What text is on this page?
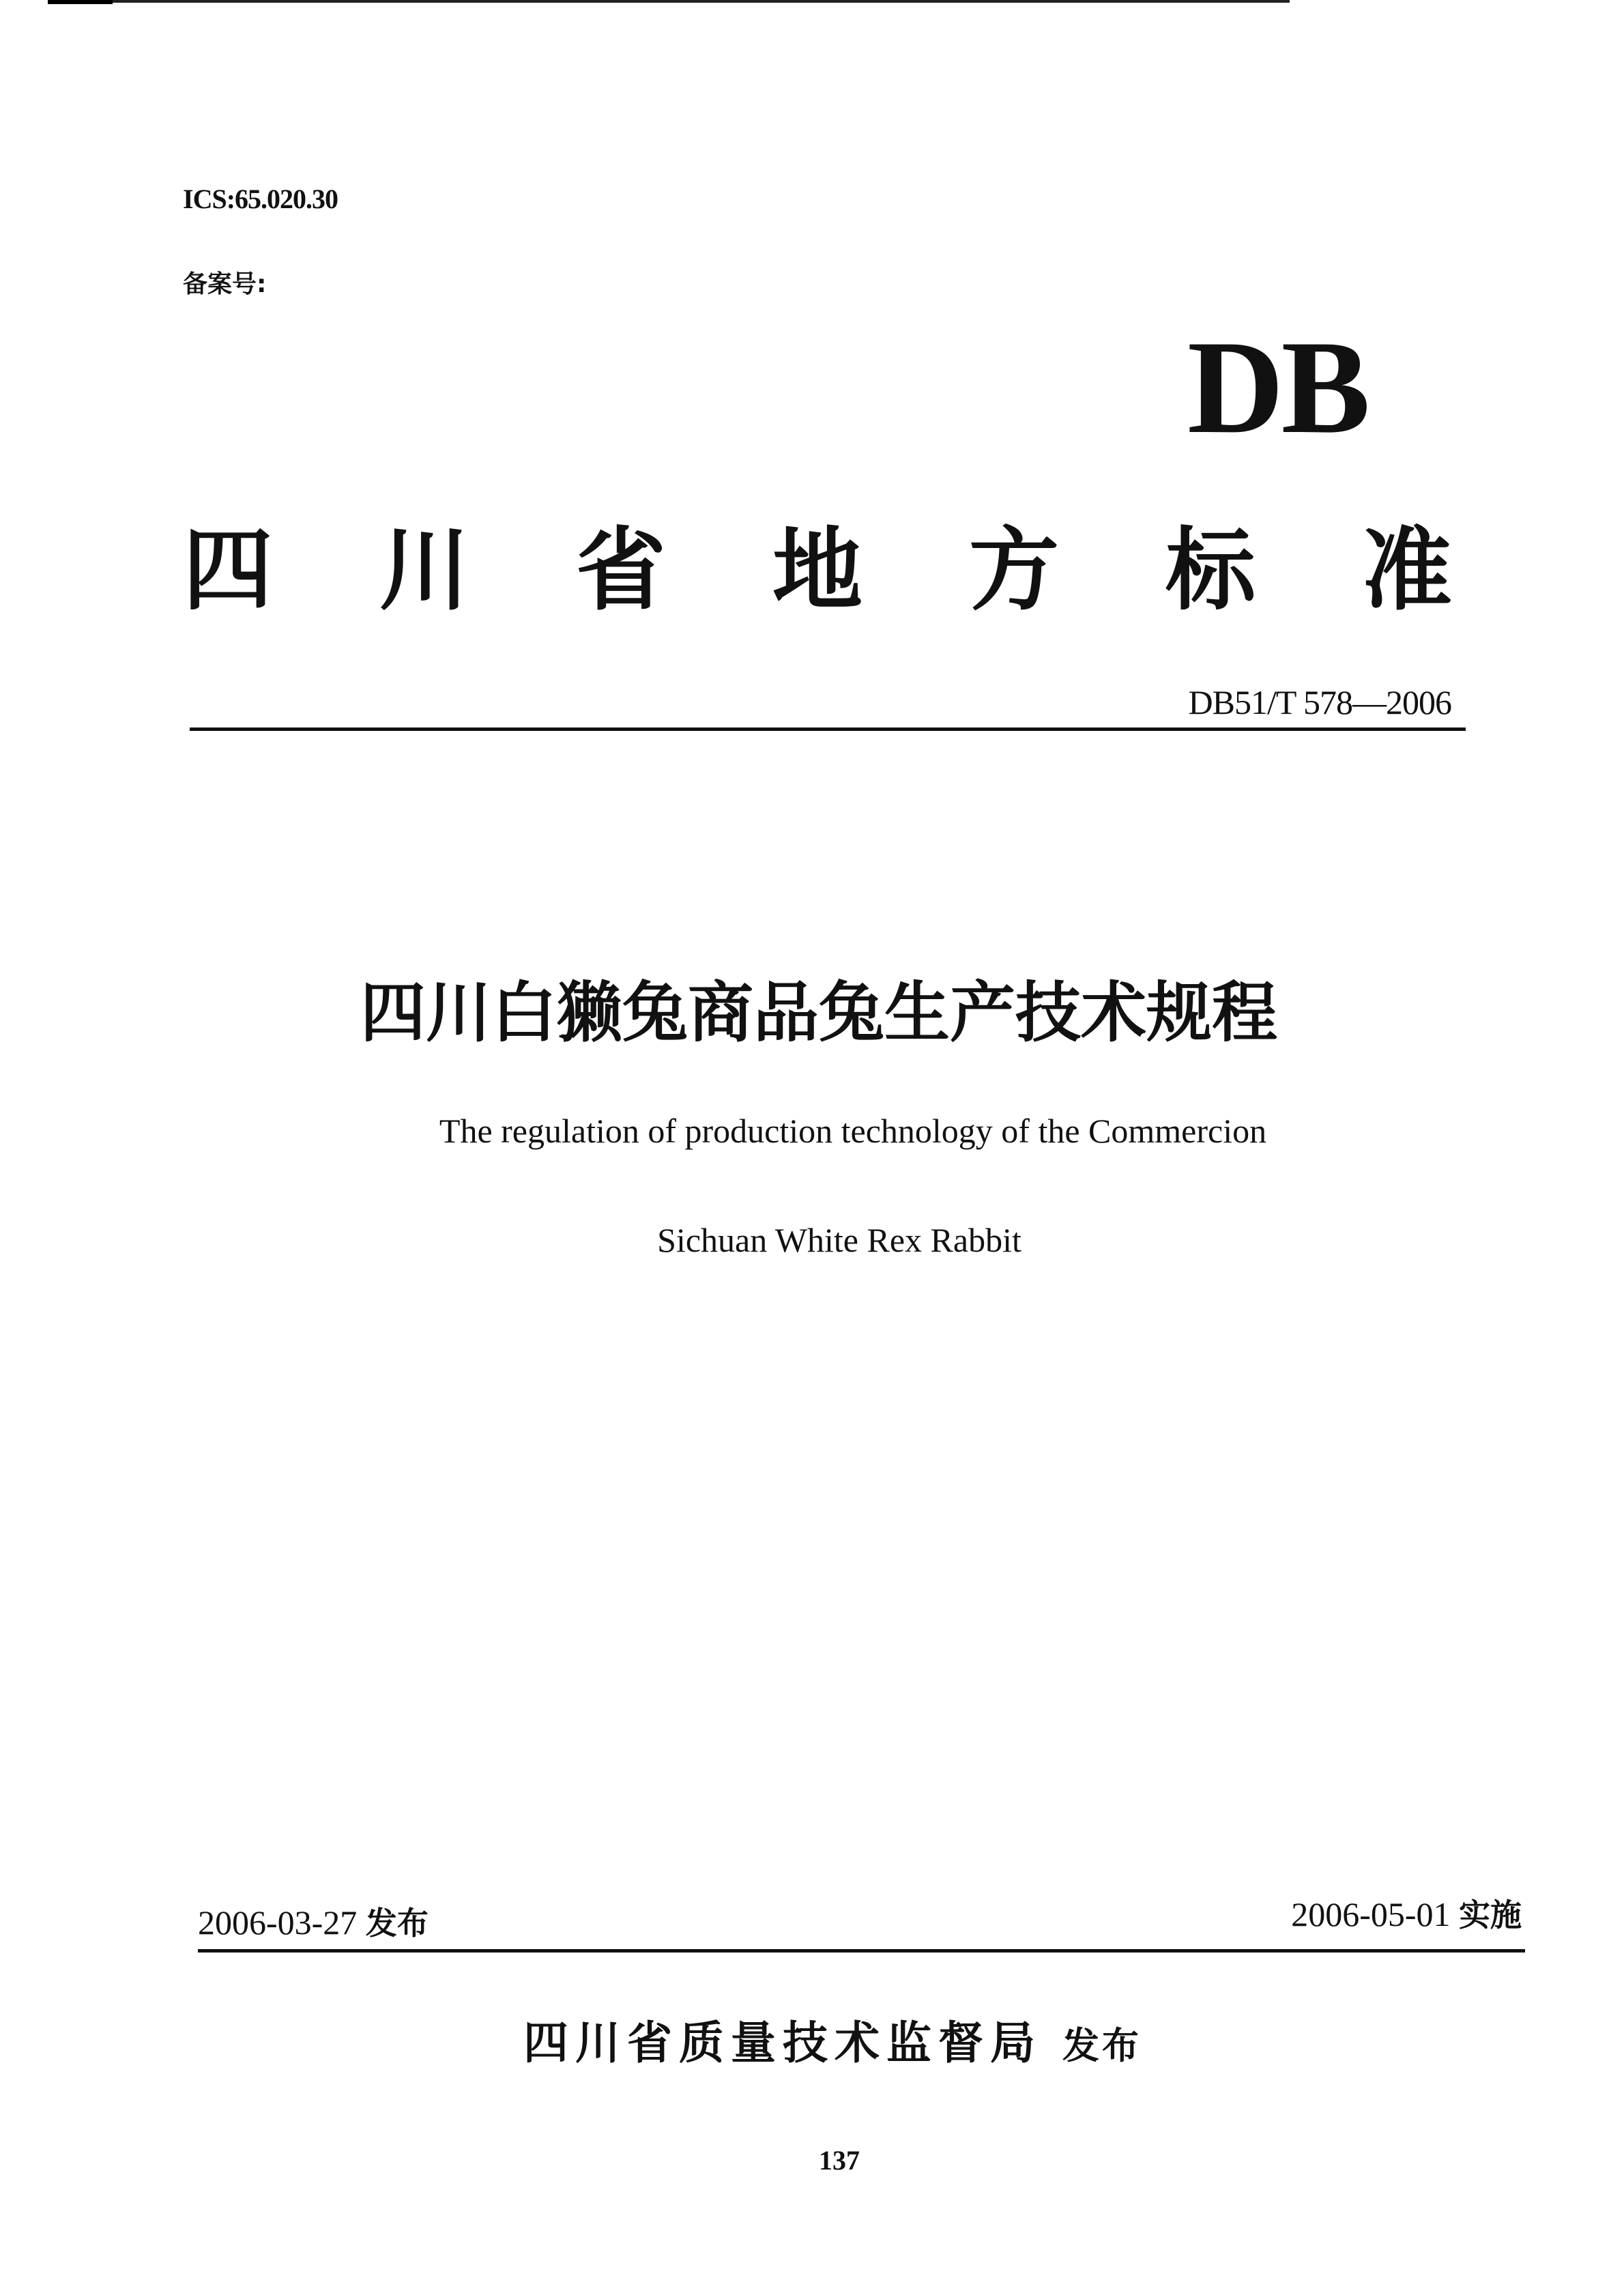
ICS:65.020.30
备案号:
DB
四 川 省 地 方 标 准
DB51/T 578—2006
四川白獭兔商品兔生产技术规程
The regulation of production technology of the Commercion
Sichuan White Rex Rabbit
2006-03-27 发布	2006-05-01 实施
四川省质量技术监督局 发布
137
